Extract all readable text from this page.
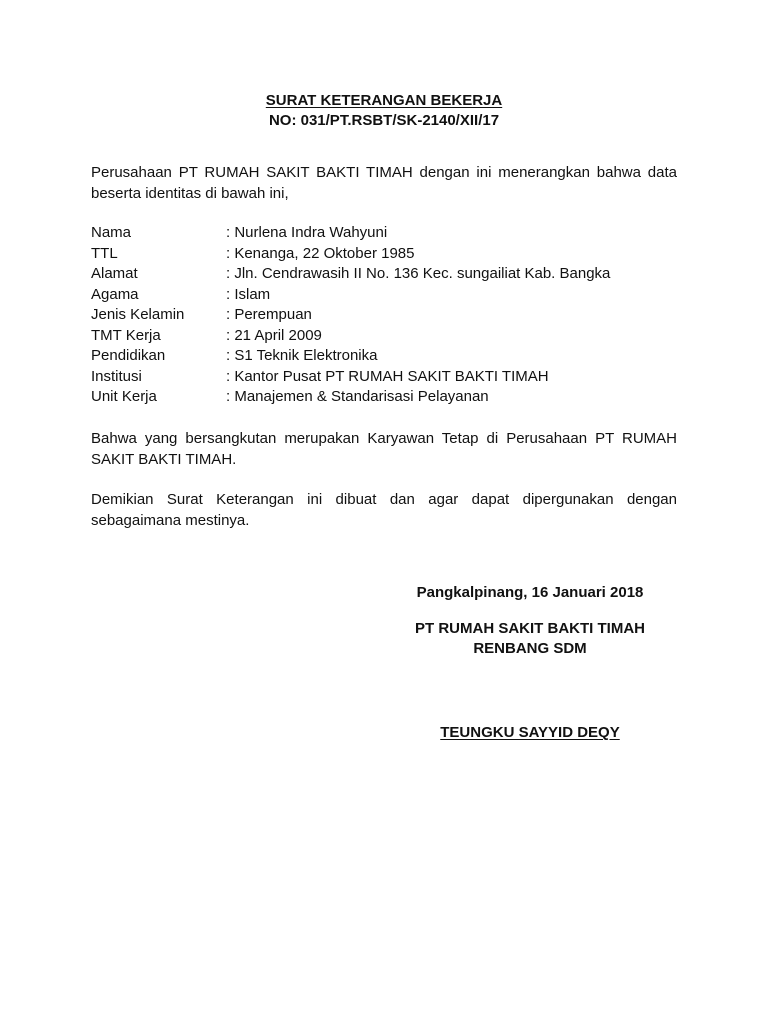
SURAT KETERANGAN BEKERJA
NO: 031/PT.RSBT/SK-2140/XII/17

Perusahaan PT RUMAH SAKIT BAKTI TIMAH dengan ini menerangkan bahwa data beserta identitas di bawah ini,

Nama	: Nurlena Indra Wahyuni
TTL	: Kenanga, 22 Oktober 1985
Alamat	: Jln. Cendrawasih II No. 136 Kec. sungailiat Kab. Bangka
Agama	: Islam
Jenis Kelamin	: Perempuan
TMT Kerja	: 21 April 2009
Pendidikan	: S1 Teknik Elektronika
Institusi	: Kantor Pusat PT RUMAH SAKIT BAKTI TIMAH
Unit Kerja	: Manajemen & Standarisasi Pelayanan

Bahwa yang bersangkutan merupakan Karyawan Tetap di Perusahaan PT RUMAH SAKIT BAKTI TIMAH.

Demikian Surat Keterangan ini dibuat dan agar dapat dipergunakan dengan sebagaimana mestinya.

Pangkalpinang, 16 Januari 2018
PT RUMAH SAKIT BAKTI TIMAH
RENBANG SDM
TEUNGKU SAYYID DEQY
